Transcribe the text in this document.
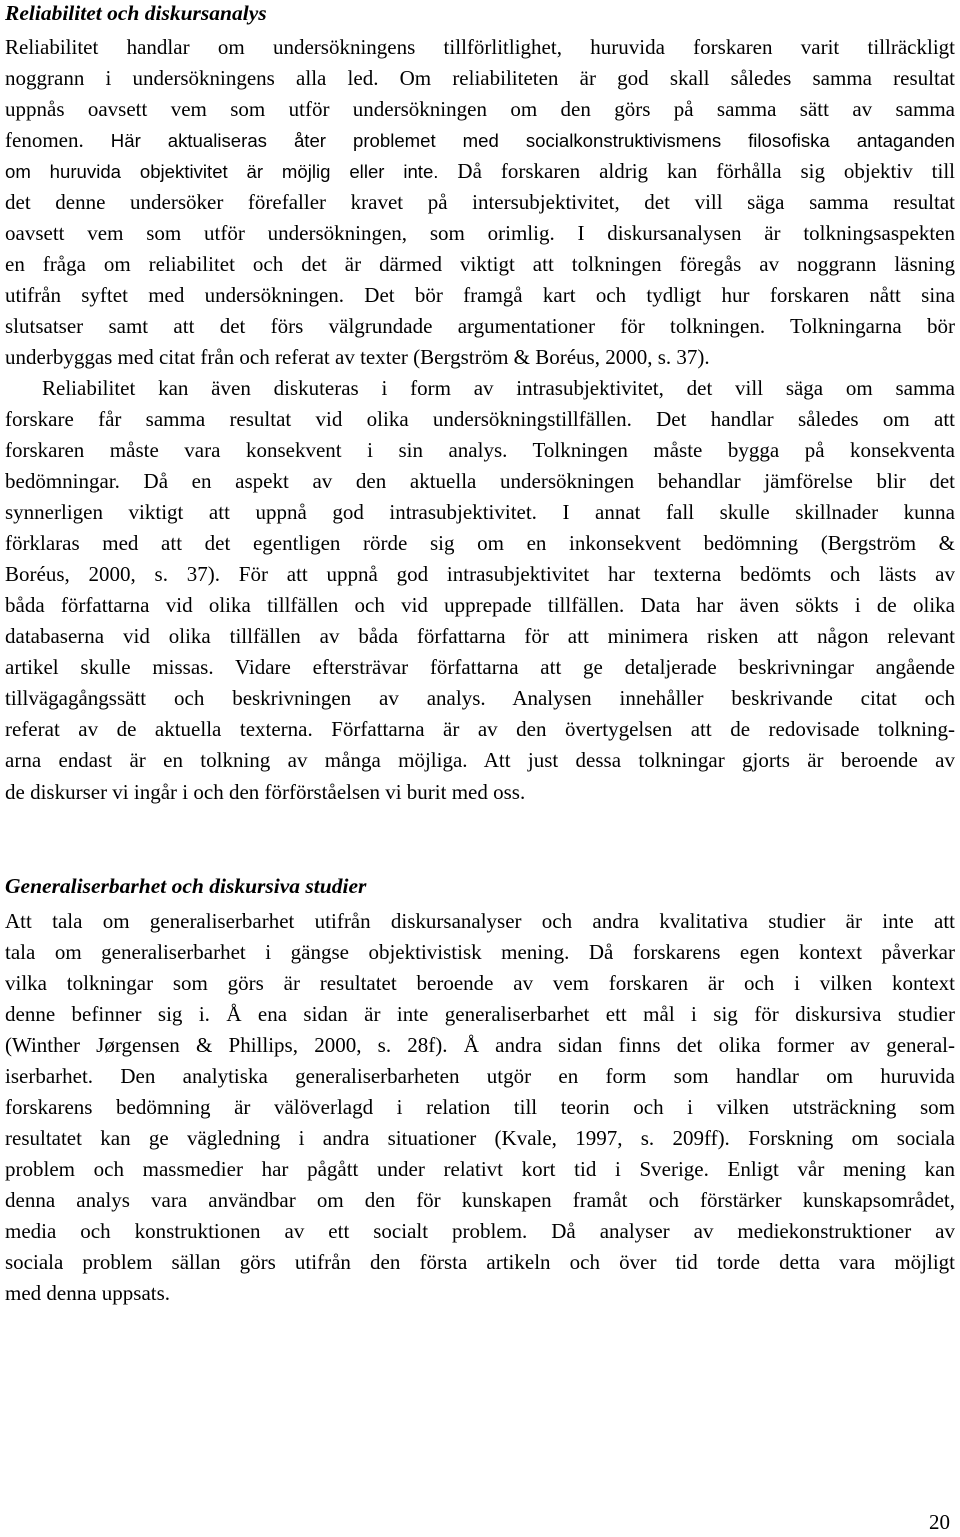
Reliabilitet och diskursanalys
Reliabilitet handlar om undersökningens tillförlitlighet, huruvida forskaren varit tillräckligt
noggrann i undersökningens alla led. Om reliabiliteten är god skall således samma resultat
uppnås oavsett vem som utför undersökningen om den görs på samma sätt av samma
fenomen. Här aktualiseras åter problemet med socialkonstruktivismens filosofiska antaganden
om huruvida objektivitet är möjlig eller inte. Då forskaren aldrig kan förhålla sig objektiv till
det denne undersöker förefaller kravet på intersubjektivitet, det vill säga samma resultat
oavsett vem som utför undersökningen, som orimlig. I diskursanalysen är tolkningsaspekten
en fråga om reliabilitet och det är därmed viktigt att tolkningen föregås av noggrann läsning
utifrån syftet med undersökningen. Det bör framgå kart och tydligt hur forskaren nått sina
slutsatser samt att det förs välgrundade argumentationer för tolkningen. Tolkningarna bör
underbyggas med citat från och referat av texter (Bergström & Boréus, 2000, s. 37).
Reliabilitet kan även diskuteras i form av intrasubjektivitet, det vill säga om samma
forskare får samma resultat vid olika undersökningstillfällen. Det handlar således om att
forskaren måste vara konsekvent i sin analys. Tolkningen måste bygga på konsekventa
bedömningar. Då en aspekt av den aktuella undersökningen behandlar jämförelse blir det
synnerligen viktigt att uppnå god intrasubjektivitet. I annat fall skulle skillnader kunna
förklaras med att det egentligen rörde sig om en inkonsekvent bedömning (Bergström &
Boréus, 2000, s. 37). För att uppnå god intrasubjektivitet har texterna bedömts och lästs av
båda författarna vid olika tillfällen och vid upprepade tillfällen. Data har även sökts i de olika
databaserna vid olika tillfällen av båda författarna för att minimera risken att någon relevant
artikel skulle missas. Vidare eftersträvar författarna att ge detaljerade beskrivningar angående
tillvägagångssätt och beskrivningen av analys. Analysen innehåller beskrivande citat och
referat av de aktuella texterna. Författarna är av den övertygelsen att de redovisade tolkning-
arna endast är en tolkning av många möjliga. Att just dessa tolkningar gjorts är beroende av
de diskurser vi ingår i och den förförståelsen vi burit med oss.
Generaliserbarhet och diskursiva studier
Att tala om generaliserbarhet utifrån diskursanalyser och andra kvalitativa studier är inte att
tala om generaliserbarhet i gängse objektivistisk mening. Då forskarens egen kontext påverkar
vilka tolkningar som görs är resultatet beroende av vem forskaren är och i vilken kontext
denne befinner sig i. Å ena sidan är inte generaliserbarhet ett mål i sig för diskursiva studier
(Winther Jørgensen & Phillips, 2000, s. 28f). Å andra sidan finns det olika former av general-
iserbarhet. Den analytiska generaliserbarheten utgör en form som handlar om huruvida
forskarens bedömning är välöverlagd i relation till teorin och i vilken utsträckning som
resultatet kan ge vägledning i andra situationer (Kvale, 1997, s. 209ff). Forskning om sociala
problem och massmedier har pågått under relativt kort tid i Sverige. Enligt vår mening kan
denna analys vara användbar om den för kunskapen framåt och förstärker kunskapsområdet,
media och konstruktionen av ett socialt problem. Då analyser av mediekonstruktioner av
sociala problem sällan görs utifrån den första artikeln och över tid torde detta vara möjligt
med denna uppsats.
20
